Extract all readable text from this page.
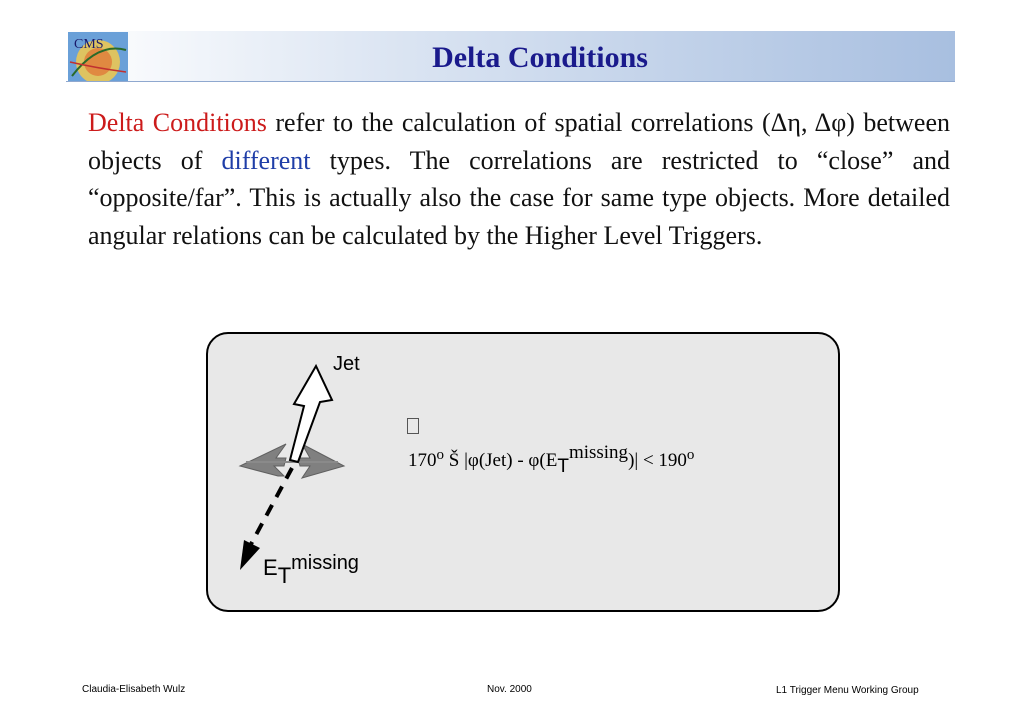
CMS	Delta Conditions
Delta Conditions refer to the calculation of spatial correlations (Δη, Δφ) between objects of different types. The correlations are restricted to “close” and “opposite/far”. This is actually also the case for same type objects. More detailed angular relations can be calculated by the Higher Level Triggers.
Jet
ETmissing
170$^o$ Š |φ(Jet) - φ(ETmissing)| < $190^o$
Claudia-Elisabeth Wulz	Nov. 2000	L1 Trigger Menu Working Group
